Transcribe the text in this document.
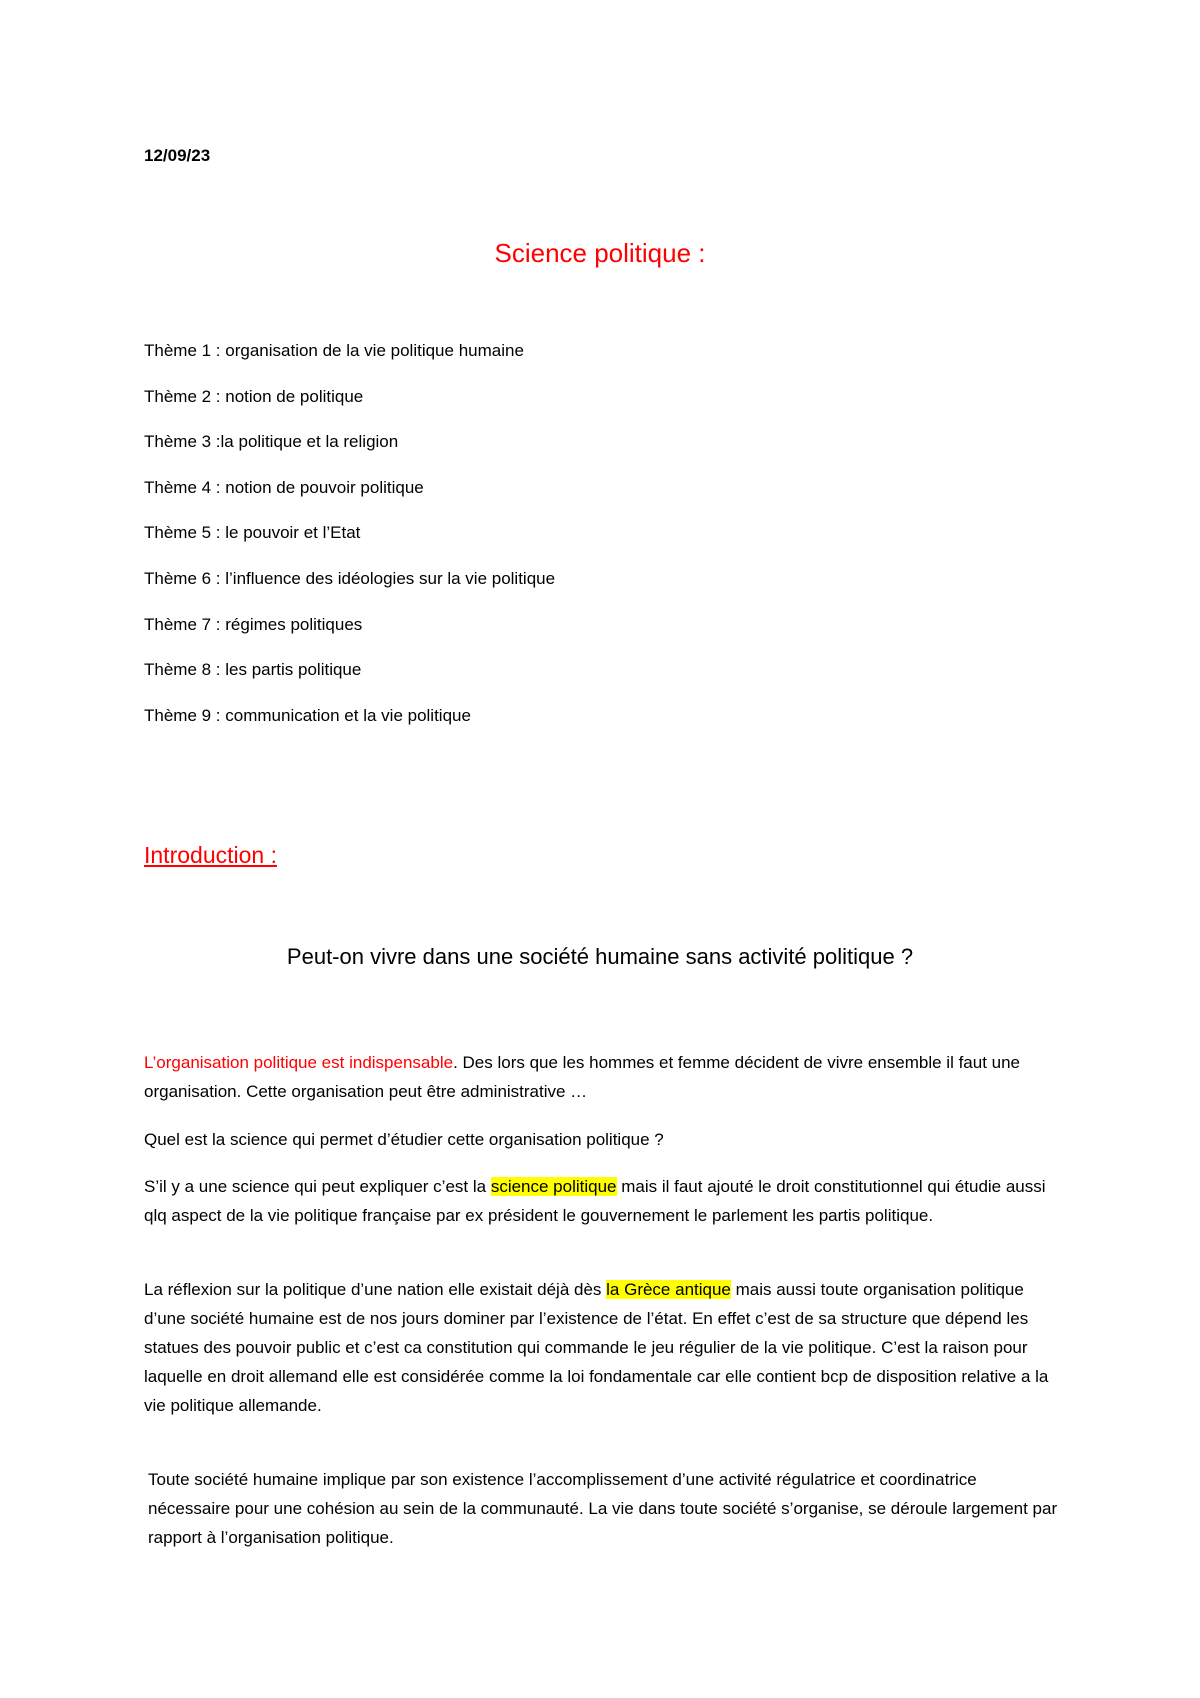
12/09/23
Science politique :
Thème 1 : organisation de la vie politique humaine
Thème 2 : notion de politique
Thème 3 :la politique et la religion
Thème 4 : notion de pouvoir politique
Thème 5 : le pouvoir et l’Etat
Thème 6 : l’influence des idéologies sur la vie politique
Thème 7 : régimes politiques
Thème 8 : les partis politique
Thème 9 : communication et la vie politique
Introduction :
Peut-on vivre dans une société humaine sans activité politique ?
L’organisation politique est indispensable. Des lors que les hommes et femme décident de vivre ensemble il faut une organisation. Cette organisation peut être administrative …
Quel est la science qui permet d’étudier cette organisation politique ?
S’il y a une science qui peut expliquer c’est la science politique mais il faut ajouté le droit constitutionnel qui étudie aussi qlq aspect de la vie politique française par ex président le gouvernement le parlement les partis politique.
La réflexion sur la politique d’une nation elle existait déjà dès la Grèce antique mais aussi toute organisation politique d’une société humaine est de nos jours dominer par l’existence de l’état. En effet c’est de sa structure que dépend les statues des pouvoir public et c’est ca constitution qui commande le jeu régulier de la vie politique. C’est la raison pour laquelle en droit allemand elle est considérée comme la loi fondamentale car elle contient bcp de disposition relative a la vie politique allemande.
Toute société humaine implique par son existence l’accomplissement d’une activité régulatrice et coordinatrice nécessaire pour une cohésion au sein de la communauté. La vie dans toute société s’organise, se déroule largement par rapport à l’organisation politique.
